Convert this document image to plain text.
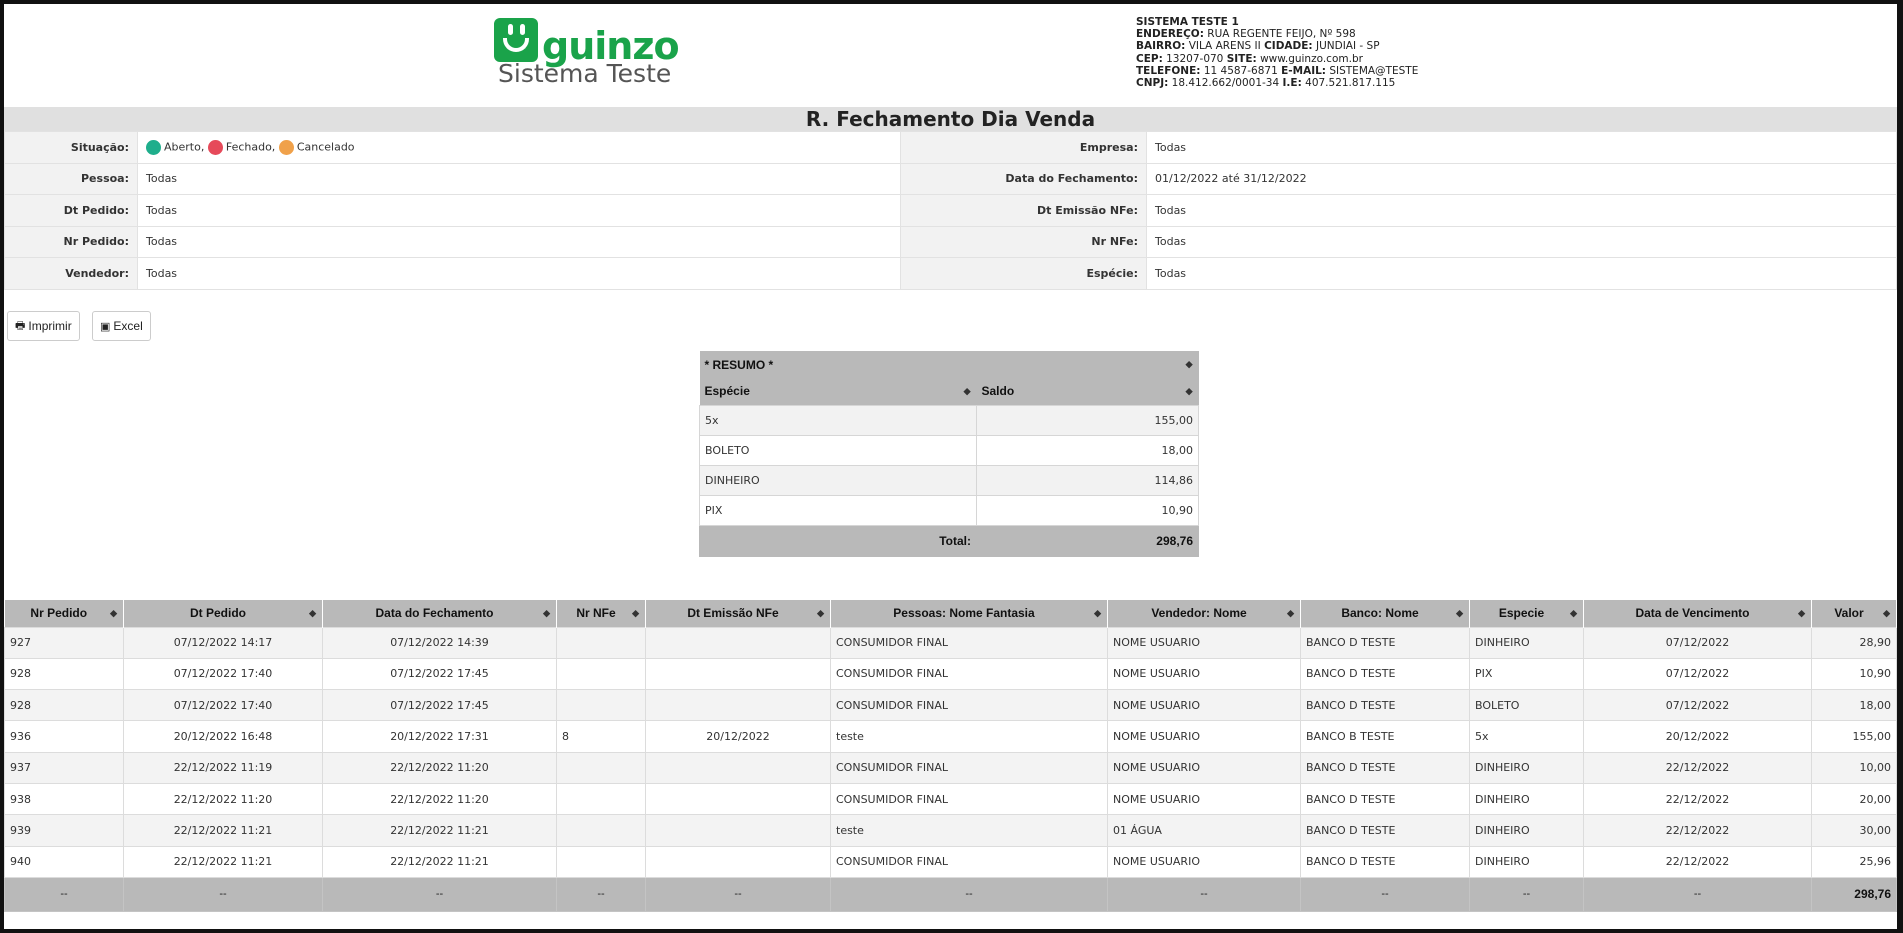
guinzo
Sistema Teste
SISTEMA TESTE 1
ENDEREÇO: RUA REGENTE FEIJO, Nº 598
BAIRRO: VILA ARENS II CIDADE: JUNDIAI - SP
CEP: 13207-070 SITE: www.guinzo.com.br
TELEFONE: 11 4587-6871 E-MAIL: SISTEMA@TESTE
CNPJ: 18.412.662/0001-34 I.E: 407.521.817.115
R. Fechamento Dia Venda
Situação:	Aberto, Fechado, Cancelado	Empresa:	Todas
Pessoa:	Todas	Data do Fechamento:	01/12/2022 até 31/12/2022
Dt Pedido:	Todas	Dt Emissão NFe:	Todas
Nr Pedido:	Todas	Nr NFe:	Todas
Vendedor:	Todas	Espécie:	Todas
🖶 Imprimir	▣ Excel
* RESUMO * ◆	

Espécie ◆	Saldo ◆

5x	155,00
BOLETO	18,00
DINHEIRO	114,86
PIX	10,90
Total:	298,76
Nr Pedido ◆	Dt Pedido ◆	Data do Fechamento ◆	Nr NFe ◆	Dt Emissão NFe ◆	Pessoas: Nome Fantasia ◆	Vendedor: Nome ◆	Banco: Nome ◆	Especie ◆	Data de Vencimento ◆	Valor ◆

927	07/12/2022 14:17	07/12/2022 14:39			CONSUMIDOR FINAL	NOME USUARIO	BANCO D TESTE	DINHEIRO	07/12/2022	28,90
928	07/12/2022 17:40	07/12/2022 17:45			CONSUMIDOR FINAL	NOME USUARIO	BANCO D TESTE	PIX	07/12/2022	10,90
928	07/12/2022 17:40	07/12/2022 17:45			CONSUMIDOR FINAL	NOME USUARIO	BANCO D TESTE	BOLETO	07/12/2022	18,00
936	20/12/2022 16:48	20/12/2022 17:31	8	20/12/2022	teste	NOME USUARIO	BANCO B TESTE	5x	20/12/2022	155,00
937	22/12/2022 11:19	22/12/2022 11:20			CONSUMIDOR FINAL	NOME USUARIO	BANCO D TESTE	DINHEIRO	22/12/2022	10,00
938	22/12/2022 11:20	22/12/2022 11:20			CONSUMIDOR FINAL	NOME USUARIO	BANCO D TESTE	DINHEIRO	22/12/2022	20,00
939	22/12/2022 11:21	22/12/2022 11:21			teste	01 ÁGUA	BANCO D TESTE	DINHEIRO	22/12/2022	30,00
940	22/12/2022 11:21	22/12/2022 11:21			CONSUMIDOR FINAL	NOME USUARIO	BANCO D TESTE	DINHEIRO	22/12/2022	25,96
--	--	--	--	--	--	--	--	--	--	298,76
